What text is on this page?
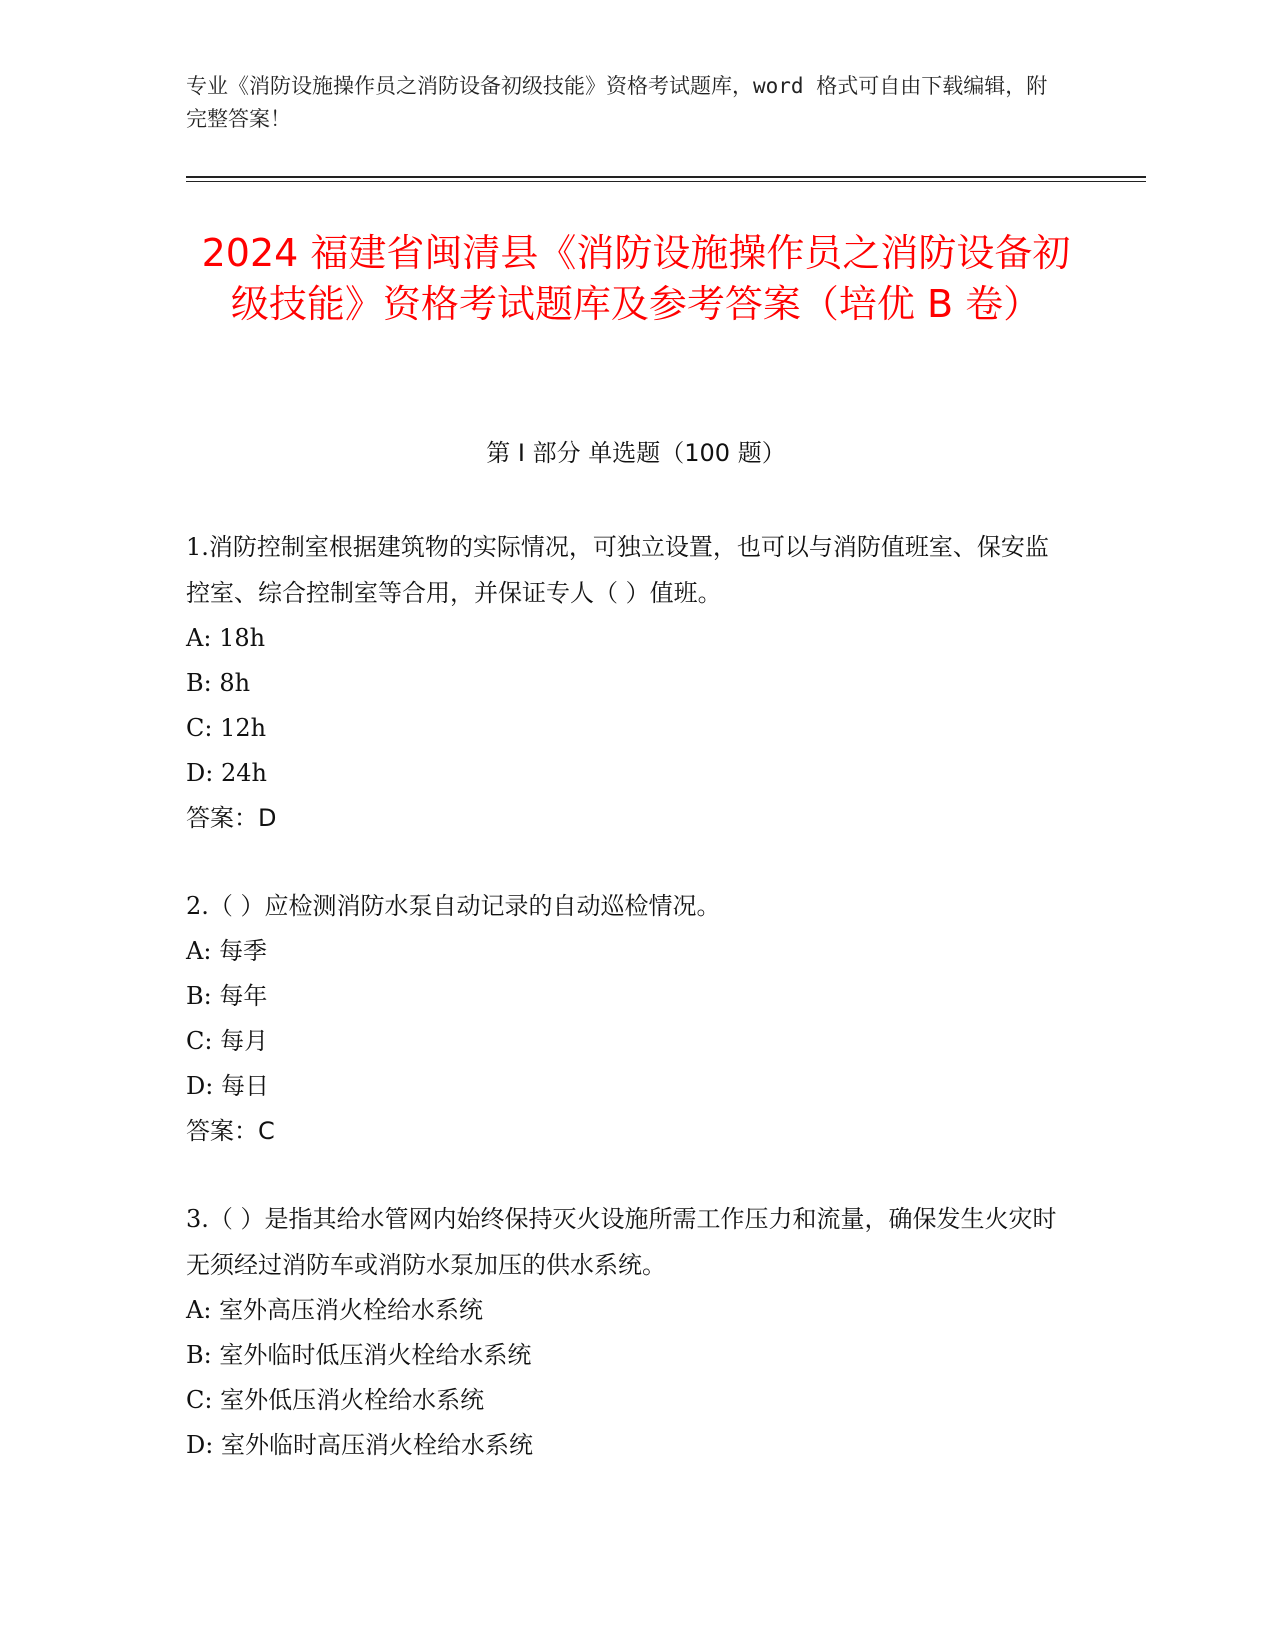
专业《消防设施操作员之消防设备初级技能》资格考试题库，word 格式可自由下载编辑，附完整答案！
2024 福建省闽清县《消防设施操作员之消防设备初级技能》资格考试题库及参考答案（培优 B 卷）
第 I 部分 单选题（100 题）

1.消防控制室根据建筑物的实际情况，可独立设置，也可以与消防值班室、保安监控室、综合控制室等合用，并保证专人（ ）值班。

A: 18h

B: 8h

C: 12h

D: 24h

答案：D

2.（ ）应检测消防水泵自动记录的自动巡检情况。

A: 每季

B: 每年

C: 每月

D: 每日

答案：C

3.（ ）是指其给水管网内始终保持灭火设施所需工作压力和流量，确保发生火灾时无须经过消防车或消防水泵加压的供水系统。

A: 室外高压消火栓给水系统

B: 室外临时低压消火栓给水系统

C: 室外低压消火栓给水系统

D: 室外临时高压消火栓给水系统
